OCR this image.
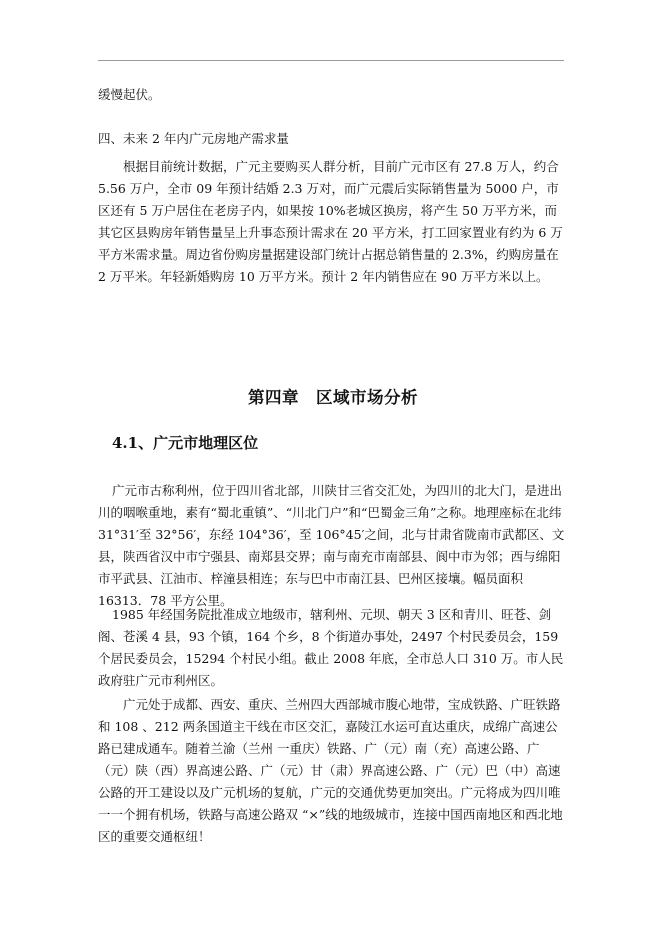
缓慢起伏。

四、未来 2 年内广元房地产需求量

根据目前统计数据，广元主要购买人群分析，目前广元市区有 27.8 万人，约合 5.56 万户，全市 09 年预计结婚 2.3 万对，而广元震后实际销售量为 5000 户，市区还有 5 万户居住在老房子内，如果按 10%老城区换房，将产生 50 万平方米，而其它区县购房年销售量呈上升事态预计需求在 20 平方米，打工回家置业有约为 6 万平方米需求量。周边省份购房量据建设部门统计占据总销售量的 2.3%，约购房量在 2 万平米。年轻新婚购房 10 万平方米。预计 2 年内销售应在 90 万平方米以上。

第四章　区域市场分析
4.1、广元市地理区位

广元市古称利州，位于四川省北部，川陕甘三省交汇处，为四川的北大门，是进出川的咽喉重地，素有“蜀北重镇”、“川北门户”和“巴蜀金三角”之称。地理座标在北纬 31°31′至 32°56′，东经 104°36′，至 106°45′之间，北与甘肃省陇南市武都区、文县，陕西省汉中市宁强县、南郑县交界；南与南充市南部县、阆中市为邻；西与绵阳市平武县、江油市、梓潼县相连；东与巴中市南江县、巴州区接壤。幅员面积 16313．78 平方公里。

1985 年经国务院批准成立地级市，辖利州、元坝、朝天 3 区和青川、旺苍、剑阁、苍溪 4 县，93 个镇，164 个乡，8 个街道办事处，2497 个村民委员会，159 个居民委员会，15294 个村民小组。截止 2008 年底，全市总人口 310 万。市人民政府驻广元市利州区。

广元处于成都、西安、重庆、兰州四大西部城市腹心地带，宝成铁路、广旺铁路和 108 、212 两条国道主干线在市区交汇，嘉陵江水运可直达重庆，成绵广高速公路已建成通车。随着兰渝（兰州 一重庆）铁路、广（元）南（充）高速公路、广（元）陕（西）界高速公路、广（元）甘（肃）界高速公路、广（元）巴（中）高速公路的开工建设以及广元机场的复航，广元的交通优势更加突出。广元将成为四川唯一一个拥有机场，铁路与高速公路双 “×”线的地级城市，连接中国西南地区和西北地区的重要交通枢纽！
